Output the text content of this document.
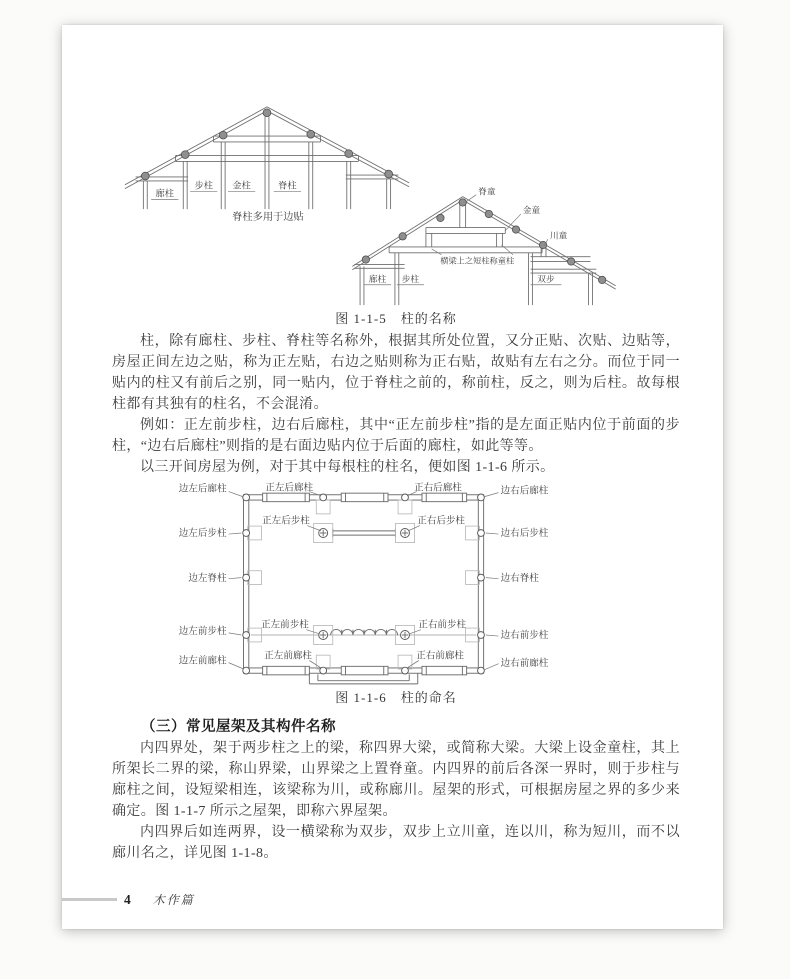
廊柱
步柱 金柱	脊柱
脊柱多用于边贴
脊童
金童
川童
横梁上之短柱称童柱
廊柱 步柱	双步
图 1-1-5　柱的名称

柱，除有廊柱、步柱、脊柱等名称外，根据其所处位置，又分正贴、次贴、边贴等，房屋正间左边之贴，称为正左贴，右边之贴则称为正右贴，故贴有左右之分。而位于同一贴内的柱又有前后之别，同一贴内，位于脊柱之前的，称前柱，反之，则为后柱。故每根柱都有其独有的柱名，不会混淆。

例如：正左前步柱，边右后廊柱，其中“正左前步柱”指的是左面正贴内位于前面的步柱，“边右后廊柱”则指的是右面边贴内位于后面的廊柱，如此等等。

以三开间房屋为例，对于其中每根柱的柱名，便如图 1-1-6 所示。

边左后廊柱
边左后步柱
边左脊柱
边左前步柱
边左前廊柱
边右后廊柱
边右后步柱
边右脊柱
边右前步柱
边右前廊柱
正左后廊柱	正右后廊柱
正左后步柱	正右后步柱
正左前步柱	正右前步柱
正左前廊柱	正右前廊柱
图 1-1-6　柱的命名
（三）常见屋架及其构件名称

内四界处，架于两步柱之上的梁，称四界大梁，或简称大梁。大梁上设金童柱，其上所架长二界的梁，称山界梁，山界梁之上置脊童。内四界的前后各深一界时，则于步柱与廊柱之间，设短梁相连，该梁称为川，或称廊川。屋架的形式，可根据房屋之界的多少来确定。图 1-1-7 所示之屋架，即称六界屋架。

内四界后如连两界，设一横梁称为双步，双步上立川童，连以川，称为短川，而不以廊川名之，详见图 1-1-8。

4 木作篇
